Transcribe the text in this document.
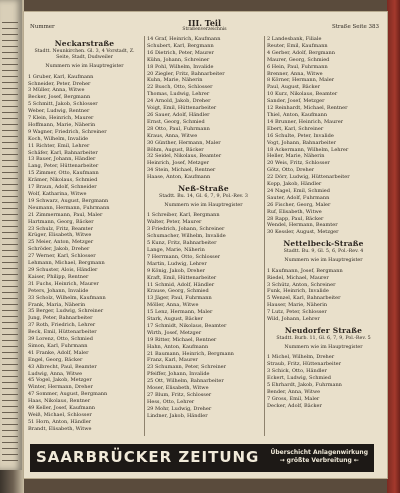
Nummer	III. Teil
Straßenverzeichnis	Straße Seite 383
Neckarstraße
Stadtt. Neunkirchen. Gl. 3, 4 Vorstadt, Z. Seite, Stadt, Dudweiler
Nummern wie im Hauptregister
1 Gruber, Karl, Kaufmann
Schneider, Peter, Dreher
3 Müller, Anna, Witwe
Becker, Josef, Bergmann
5 Schmitt, Jakob, Schlosser
Weber, Ludwig, Rentner
7 Klein, Heinrich, Maurer
Hoffmann, Marie, Näherin
9 Wagner, Friedrich, Schreiner
Koch, Wilhelm, Invalide
11 Richter, Emil, Lehrer
Schäfer, Karl, Bahnarbeiter
13 Bauer, Johann, Händler
Lang, Peter, Hüttenarbeiter
15 Zimmer, Otto, Kaufmann
Krämer, Nikolaus, Schmied
17 Braun, Adolf, Schneider
Wolf, Katharina, Witwe
19 Schwarz, August, Bergmann
Neumann, Hermann, Fuhrmann
21 Zimmermann, Paul, Maler
Hartmann, Georg, Bäcker
23 Schulz, Fritz, Beamter
Krüger, Elisabeth, Witwe
25 Meier, Anton, Metzger
Schröder, Jakob, Dreher
27 Werner, Karl, Schlosser
Lehmann, Michael, Bergmann
29 Schuster, Alois, Händler
Kaiser, Philipp, Rentner
31 Fuchs, Heinrich, Maurer
Peters, Johann, Invalide
33 Scholz, Wilhelm, Kaufmann
Frank, Maria, Näherin
35 Berger, Ludwig, Schreiner
Jung, Peter, Bahnarbeiter
37 Roth, Friedrich, Lehrer
Beck, Emil, Hüttenarbeiter
39 Lorenz, Otto, Schmied
Simon, Karl, Fuhrmann
41 Franke, Adolf, Maler
Engel, Georg, Bäcker
43 Albrecht, Paul, Beamter
Ludwig, Anna, Witwe
45 Vogel, Jakob, Metzger
Winter, Hermann, Dreher
47 Sommer, August, Bergmann
Haas, Nikolaus, Rentner
49 Keller, Josef, Kaufmann
Weiß, Michael, Schlosser
51 Horn, Anton, Händler
Brandt, Elisabeth, Witwe
14 Graf, Heinrich, Kaufmann
Schubert, Karl, Bergmann
16 Dietrich, Peter, Maurer
Kühn, Johann, Schreiner
18 Pohl, Wilhelm, Invalide
20 Ziegler, Fritz, Bahnarbeiter
Kuhn, Marie, Näherin
22 Busch, Otto, Schlosser
Thomas, Ludwig, Lehrer
24 Arnold, Jakob, Dreher
Voigt, Emil, Hüttenarbeiter
26 Sauer, Adolf, Händler
Ernst, Georg, Schmied
28 Otto, Paul, Fuhrmann
Kraus, Anna, Witwe
30 Günther, Hermann, Maler
Böhm, August, Bäcker
32 Seidel, Nikolaus, Beamter
Heinrich, Josef, Metzger
34 Stein, Michael, Rentner
Haase, Anton, Kaufmann
Neß-Straße
Stadtt. Bu. 14, Gl. 6, 7, 9, Pol.-Rev. 3
Nummern wie im Hauptregister
1 Schreiber, Karl, Bergmann
Walter, Peter, Maurer
3 Friedrich, Johann, Schreiner
Schumacher, Wilhelm, Invalide
5 Kunz, Fritz, Bahnarbeiter
Lange, Marie, Näherin
7 Herrmann, Otto, Schlosser
Martin, Ludwig, Lehrer
9 König, Jakob, Dreher
Kraft, Emil, Hüttenarbeiter
11 Schmid, Adolf, Händler
Krause, Georg, Schmied
13 Jäger, Paul, Fuhrmann
Möller, Anna, Witwe
15 Lenz, Hermann, Maler
Stark, August, Bäcker
17 Schmidt, Nikolaus, Beamter
Wirth, Josef, Metzger
19 Ritter, Michael, Rentner
Hahn, Anton, Kaufmann
21 Baumann, Heinrich, Bergmann
Franz, Karl, Maurer
23 Schumann, Peter, Schreiner
Pfeiffer, Johann, Invalide
25 Ott, Wilhelm, Bahnarbeiter
Moser, Elisabeth, Witwe
27 Blum, Fritz, Schlosser
Hess, Otto, Lehrer
29 Mohr, Ludwig, Dreher
Lindner, Jakob, Händler
2 Landesbank, Filiale
Reuter, Emil, Kaufmann
4 Gerber, Adolf, Bergmann
Maurer, Georg, Schmied
6 Hein, Paul, Fuhrmann
Brenner, Anna, Witwe
8 Körner, Hermann, Maler
Paul, August, Bäcker
10 Kurz, Nikolaus, Beamter
Sander, Josef, Metzger
12 Reinhardt, Michael, Rentner
Thiel, Anton, Kaufmann
14 Brunner, Heinrich, Maurer
Ebert, Karl, Schreiner
16 Schulte, Peter, Invalide
Vogt, Johann, Bahnarbeiter
18 Ackermann, Wilhelm, Lehrer
Heller, Marie, Näherin
20 Weis, Fritz, Schlosser
Götz, Otto, Dreher
22 Dörr, Ludwig, Hüttenarbeiter
Kopp, Jakob, Händler
24 Nagel, Emil, Schmied
Sauter, Adolf, Fuhrmann
26 Fischer, Georg, Maler
Ruf, Elisabeth, Witwe
28 Rapp, Paul, Bäcker
Wendel, Hermann, Beamter
30 Kessler, August, Metzger
Nettelbeck-Straße
Stadtt. Bu. 9, Gl. 5, 6, Pol.-Rev. 4
Nummern wie im Hauptregister
1 Kaufmann, Josef, Bergmann
Riedel, Michael, Maurer
3 Schütz, Anton, Schreiner
Funk, Heinrich, Invalide
5 Wenzel, Karl, Bahnarbeiter
Hauser, Marie, Näherin
7 Lutz, Peter, Schlosser
Wild, Johann, Lehrer
Neudorfer Straße
Stadtt. Burb. 11, Gl. 6, 7, 9, Pol.-Rev. 5
Nummern wie im Hauptregister
1 Michel, Wilhelm, Dreher
Straub, Fritz, Hüttenarbeiter
3 Schick, Otto, Händler
Eckert, Ludwig, Schmied
5 Ehrhardt, Jakob, Fuhrmann
Bender, Anna, Witwe
7 Gross, Emil, Maler
Decker, Adolf, Bäcker
SAARBRÜCKER ZEITUNG Überschicht Anlagenwirkung
→ größte Verbreitung ←
